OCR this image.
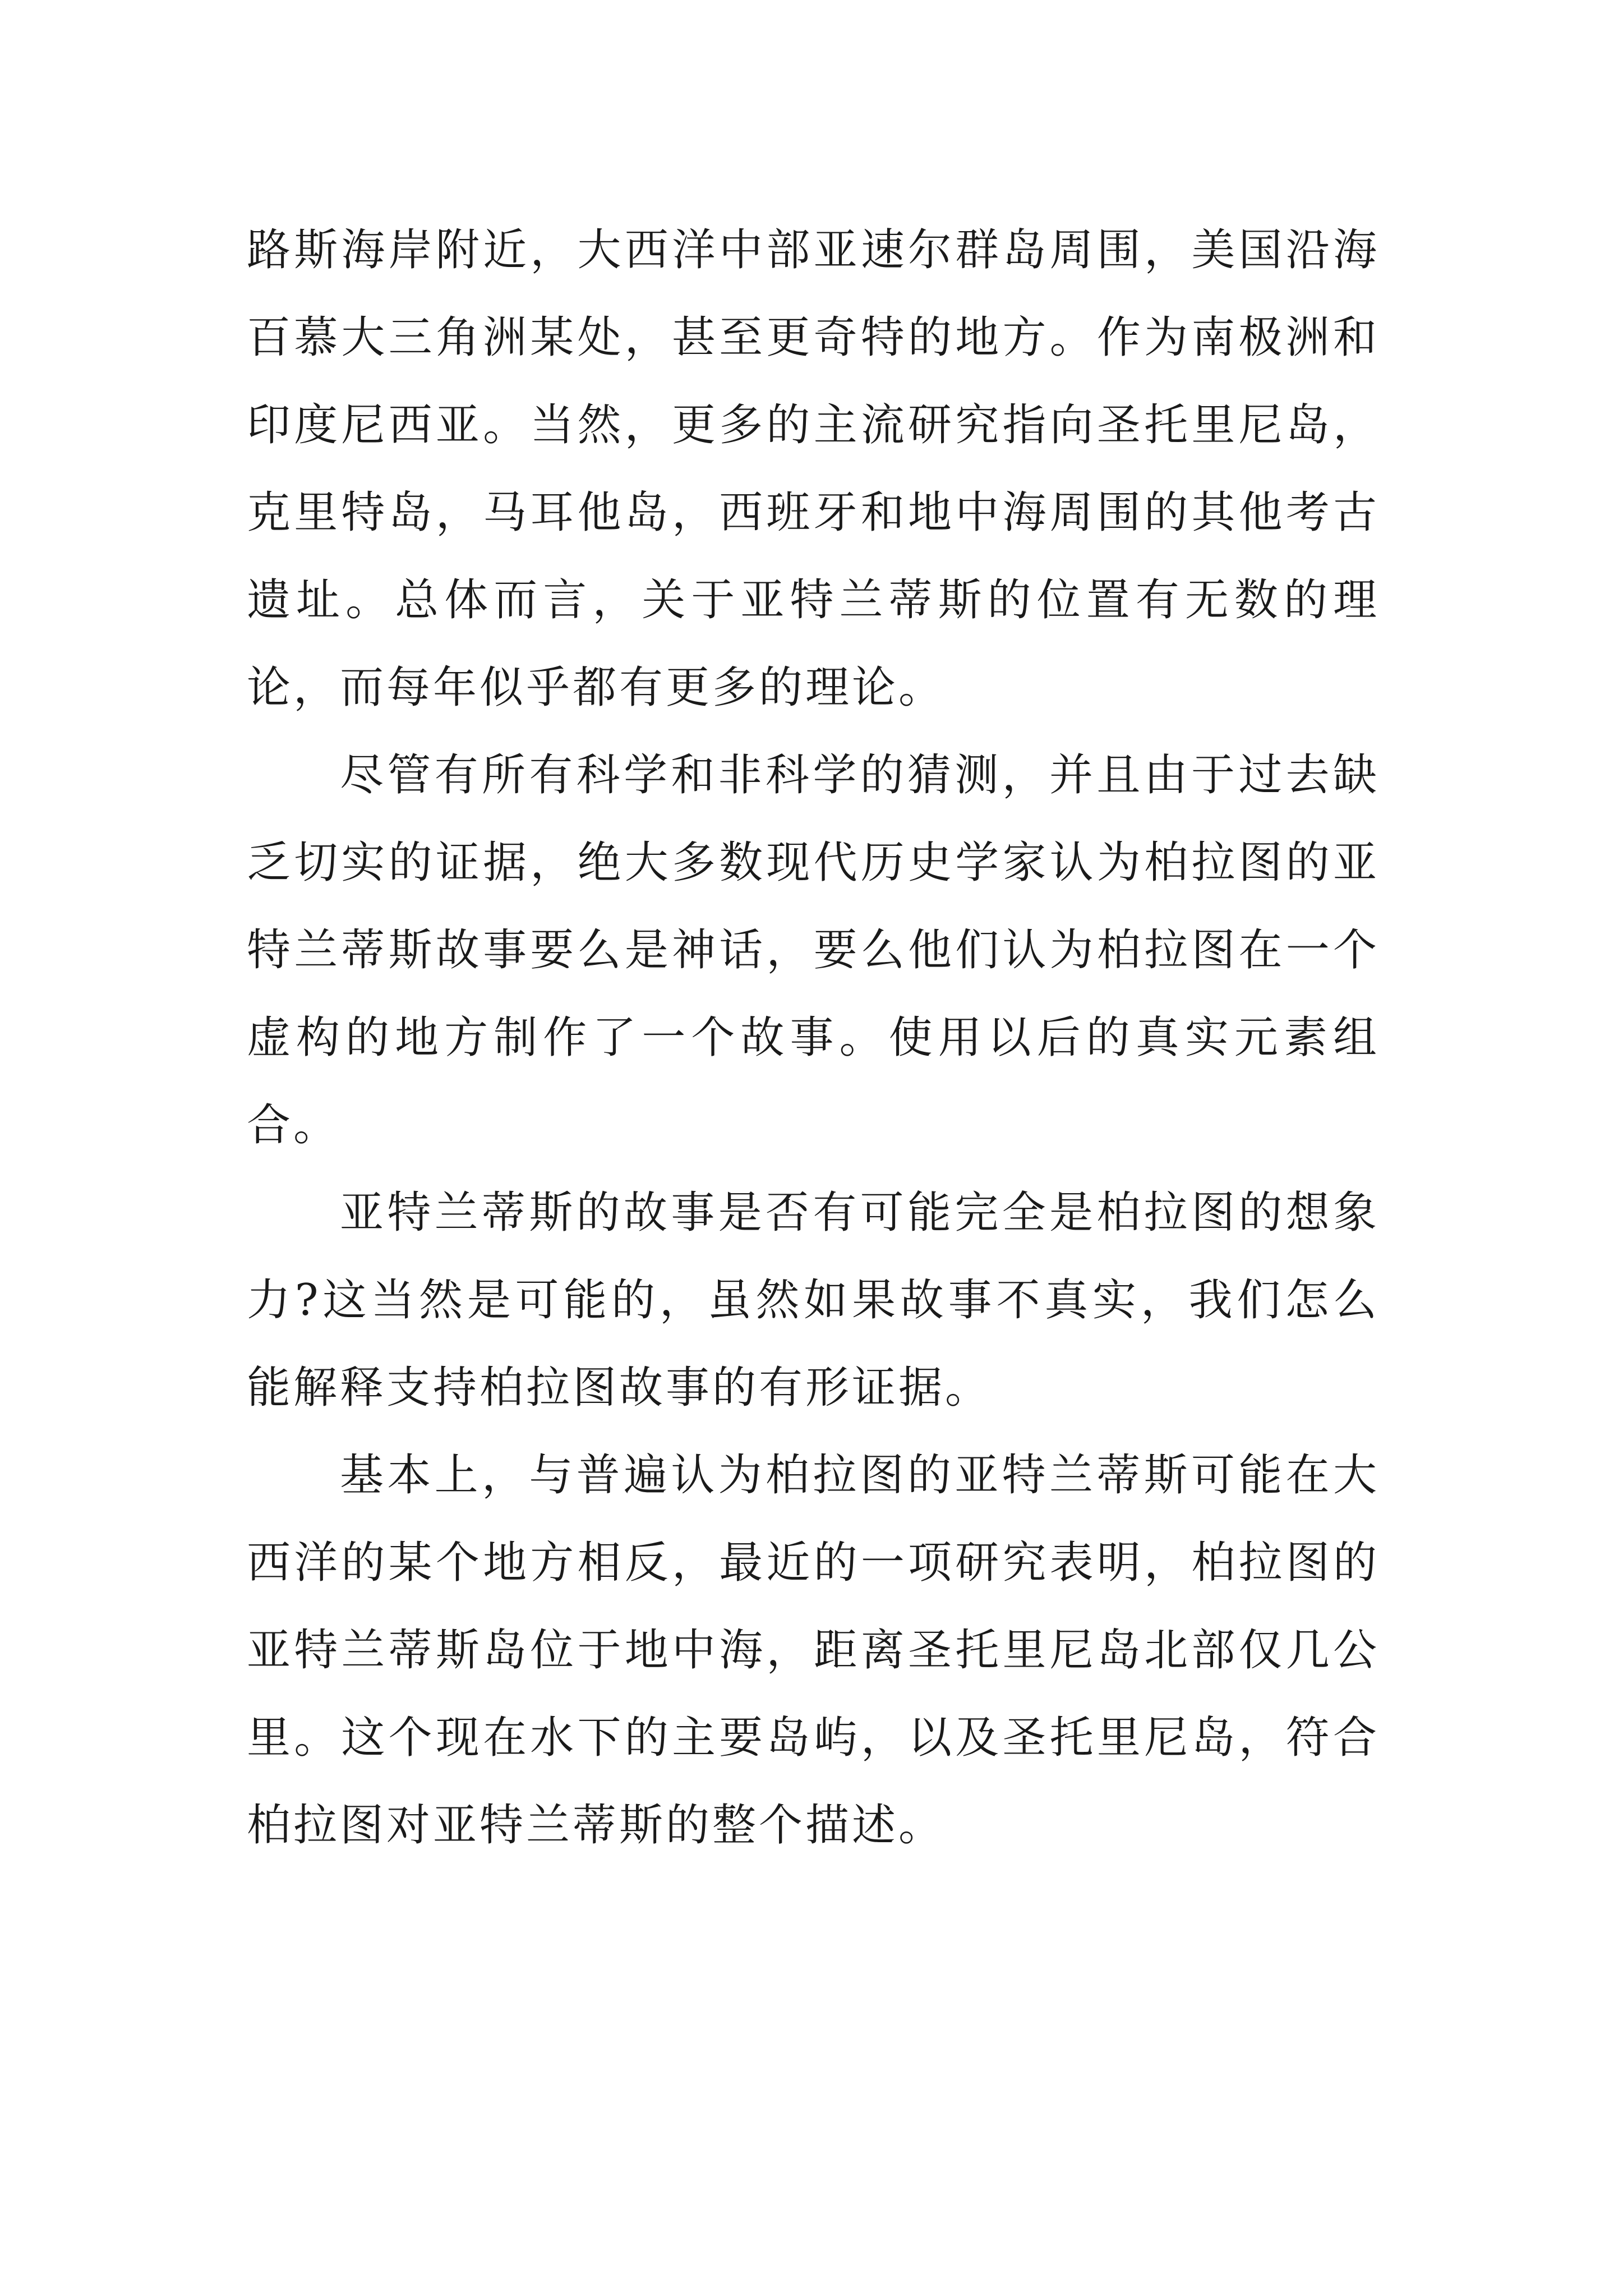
路斯海岸附近，大西洋中部亚速尔群岛周围，美国沿海百慕大三角洲某处，甚至更奇特的地方。作为南极洲和印度尼西亚。当然，更多的主流研究指向圣托里尼岛，克里特岛，马耳他岛，西班牙和地中海周围的其他考古遗址。总体而言，关于亚特兰蒂斯的位置有无数的理论，而每年似乎都有更多的理论。

尽管有所有科学和非科学的猜测，并且由于过去缺乏切实的证据，绝大多数现代历史学家认为柏拉图的亚特兰蒂斯故事要么是神话，要么他们认为柏拉图在一个虚构的地方制作了一个故事。使用以后的真实元素组合。

亚特兰蒂斯的故事是否有可能完全是柏拉图的想象力?这当然是可能的，虽然如果故事不真实，我们怎么能解释支持柏拉图故事的有形证据。

基本上，与普遍认为柏拉图的亚特兰蒂斯可能在大西洋的某个地方相反，最近的一项研究表明，柏拉图的亚特兰蒂斯岛位于地中海，距离圣托里尼岛北部仅几公里。这个现在水下的主要岛屿，以及圣托里尼岛，符合柏拉图对亚特兰蒂斯的整个描述。
